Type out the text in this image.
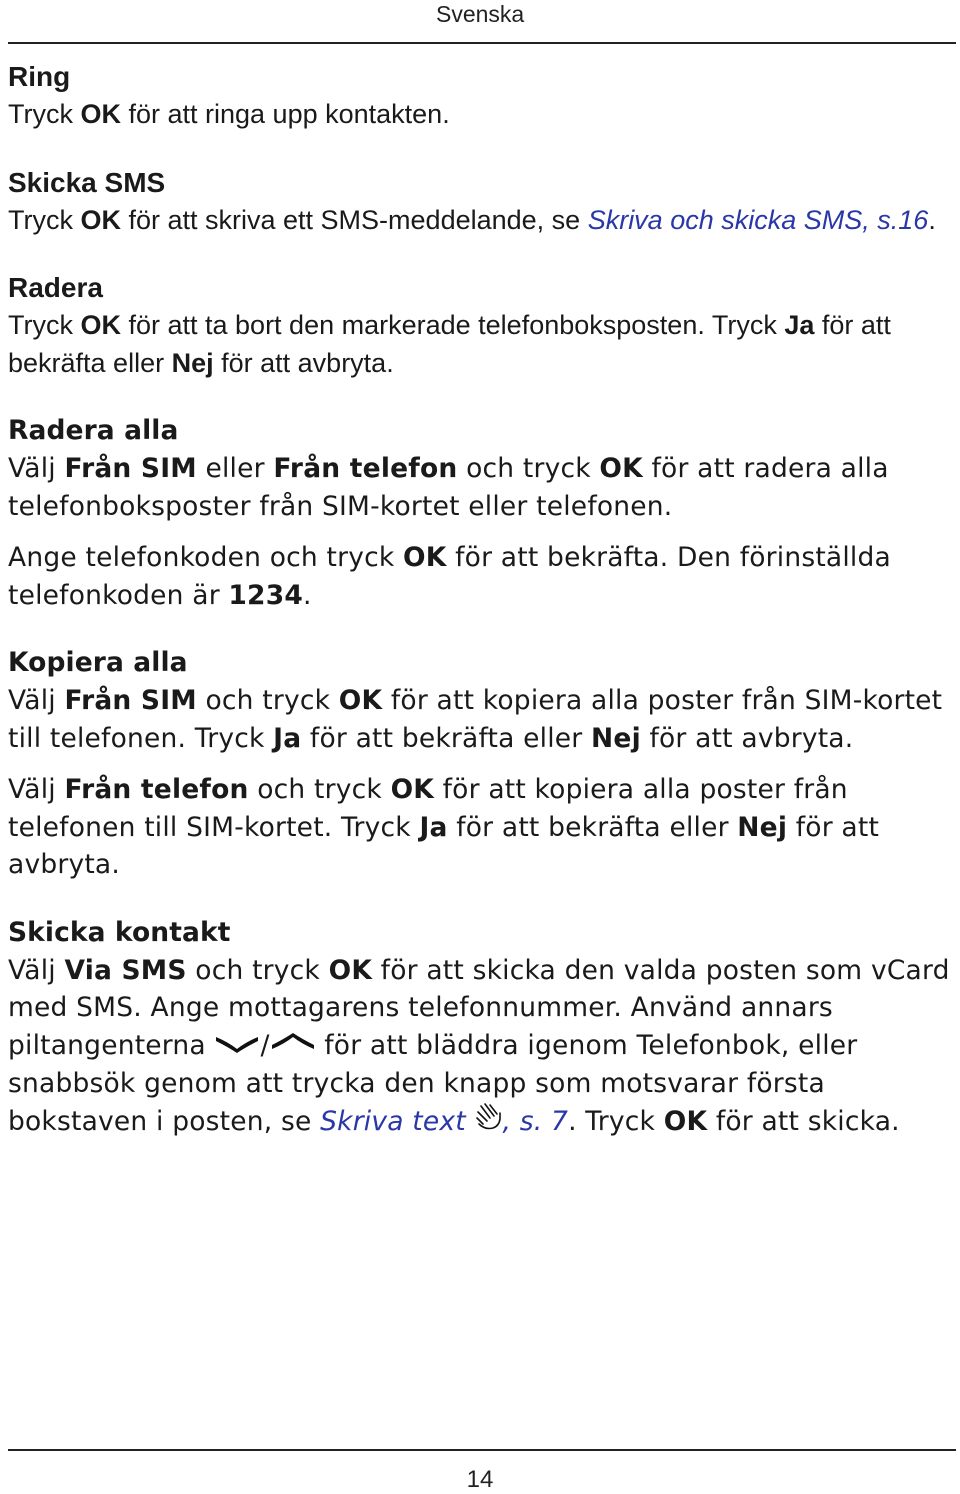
Svenska
Ring

Tryck OK för att ringa upp kontakten.

Skicka SMS

Tryck OK för att skriva ett SMS-meddelande, se Skriva och skicka SMS, s.16.

Radera

Tryck OK för att ta bort den markerade telefonboksposten. Tryck Ja för att bekräfta eller Nej för att avbryta.

Radera alla

Välj Från SIM eller Från telefon och tryck OK för att radera alla telefonboksposter från SIM-kortet eller telefonen.

Ange telefonkoden och tryck OK för att bekräfta. Den förinställda telefonkoden är 1234.

Kopiera alla

Välj Från SIM och tryck OK för att kopiera alla poster från SIM-kortet till telefonen. Tryck Ja för att bekräfta eller Nej för att avbryta.

Välj Från telefon och tryck OK för att kopiera alla poster från telefonen till SIM-kortet. Tryck Ja för att bekräfta eller Nej för att avbryta.

Skicka kontakt

Välj Via SMS och tryck OK för att skicka den valda posten som vCard med SMS. Ange mottagarens telefonnummer. Använd annars piltangenterna / för att bläddra igenom Telefonbok, eller snabbsök genom att trycka den knapp som motsvarar första bokstaven i posten, se Skriva text , s. 7. Tryck OK för att skicka.

14
